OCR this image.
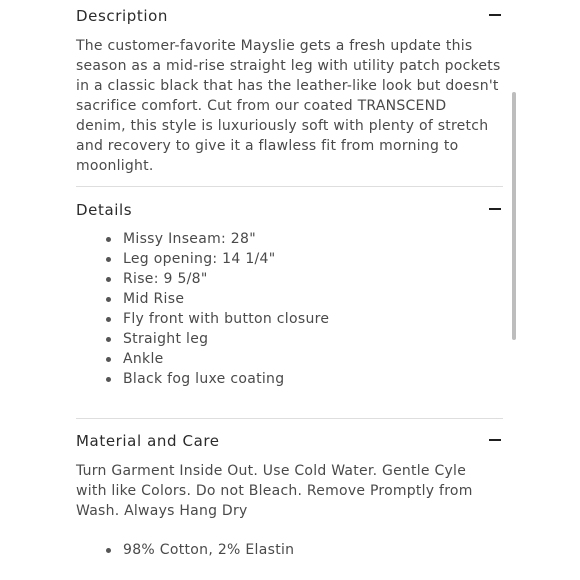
Description

The customer-favorite Mayslie gets a fresh update this
season as a mid-rise straight leg with utility patch pockets
in a classic black that has the leather-like look but doesn't
sacrifice comfort. Cut from our coated TRANSCEND
denim, this style is luxuriously soft with plenty of stretch
and recovery to give it a flawless fit from morning to
moonlight.

Details
Missy Inseam: 28"
Leg opening: 14 1/4"
Rise: 9 5/8"
Mid Rise
Fly front with button closure
Straight leg
Ankle
Black fog luxe coating
Material and Care

Turn Garment Inside Out. Use Cold Water. Gentle Cyle
with like Colors. Do not Bleach. Remove Promptly from
Wash. Always Hang Dry

98% Cotton, 2% Elastin
